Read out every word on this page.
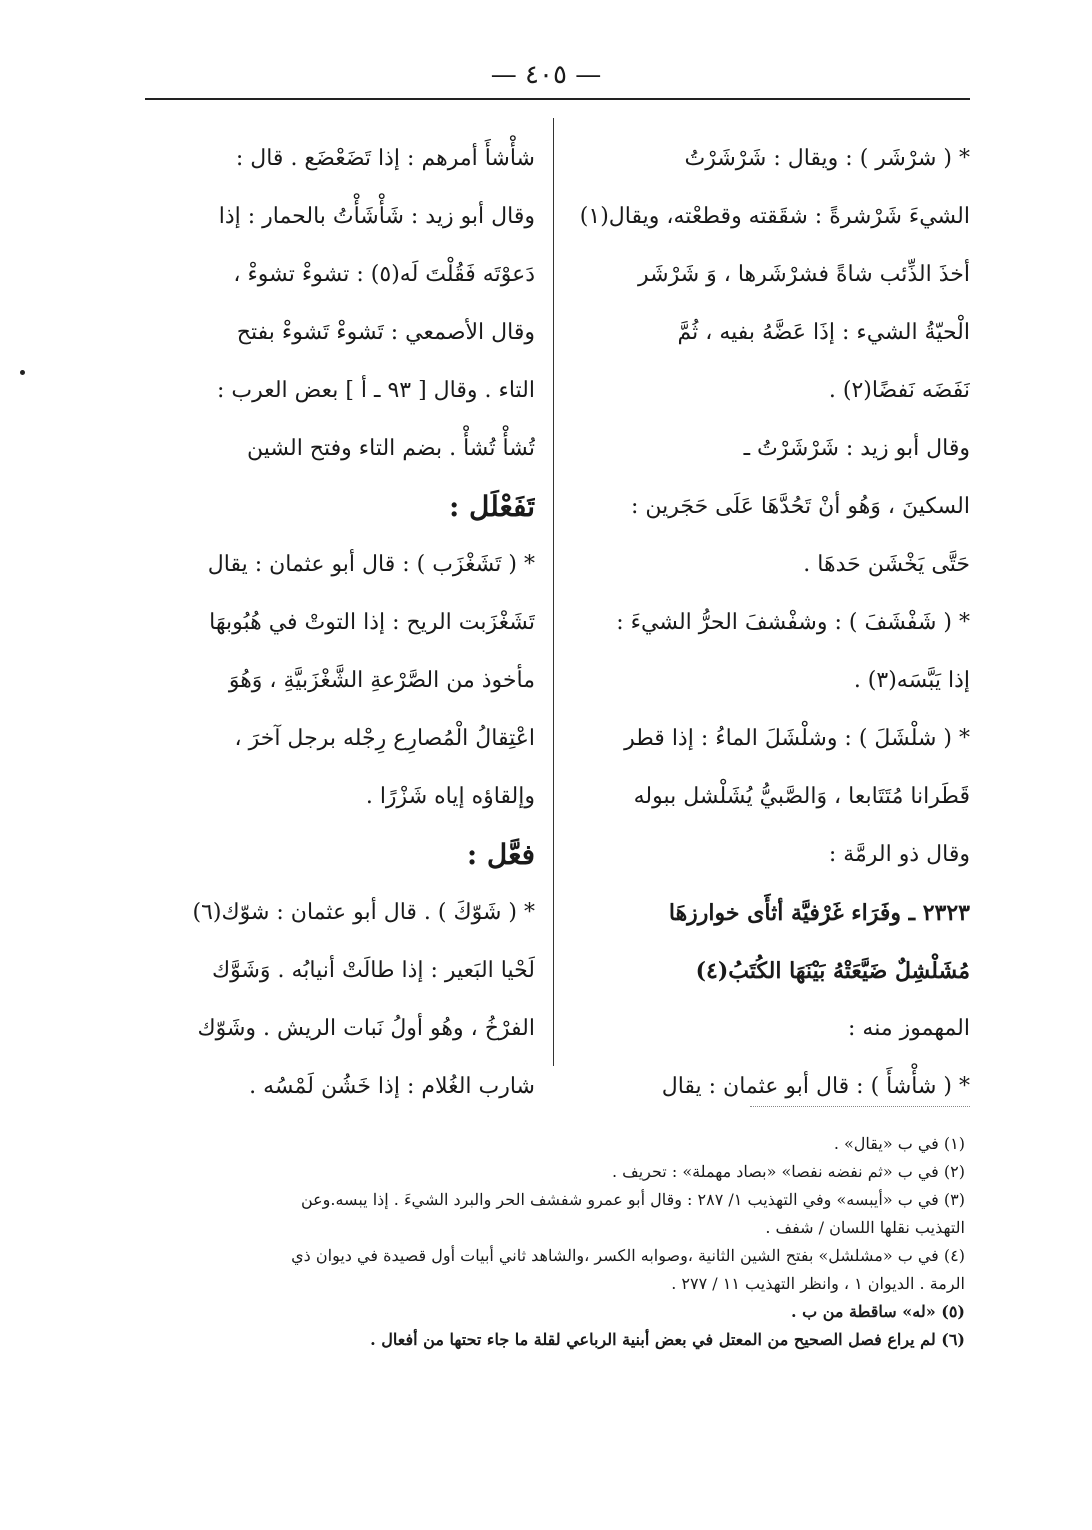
— ٤٠٥ —
* ( شرْشَر ) : ويقال : شَرْشَرْتُ
الشيءَ شَرْشرةً : شقَقته وقطعْته، ويقال(١)
أخذَ الذِّئب شاةً فشرْشَرها ، وَ شَرْشَر
الْحيّةُ الشيء : إذَا عَضَّهُ بفيه ، ثُمَّ
نَفَضَه نَفضًا(٢) .
وقال أبو زيد : شَرْشَرْتُ ـ
السكينَ ، وَهُو أنْ تَحُدَّهَا عَلَى حَجَرين :
حَتَّى يَخْشَن حَدهَا .
* ( شَفْشَفَ ) : وشفْشفَ الحرُّ الشيءَ :
إذا يَبَّسَه(٣) .
* ( شلْشَلَ ) : وشلْشَلَ الماءُ : إذا قطر
قَطَرانا مُتَتَابعا ، وَالصَّبيُّ يُشَلْشل ببوله
وقال ذو الرمَّة :
٢٣٢٣ ـ وفَرَاء غَرْفيَّة أثأَى خوارزهَا
مُشَلْشِلٌ ضَيَّعَتْهُ بَيْنَهَا الكُتَبُ(٤)
المهموز منه :
* ( شأْشأَ ) : قال أبو عثمان : يقال
شأْشأَ أمرهم : إذا تَضَعْضَع . قال :
وقال أبو زيد : شَأْشَأْتُ بالحمار : إذا
دَعوْتَه فَقُلْتَ لَه(٥) : تشوءْ تشوءْ ،
وقال الأصمعي : تَشوءْ تَشوءْ بفتح
التاء . وقال [ ٩٣ ـ أ ] بعض العرب :
تُشأْ تُشأْ . بضم التاء وفتح الشين
تَفَعْلَل :
* ( تَشَغْزَب ) : قال أبو عثمان : يقال
تَشَغْزَبت الريح : إذا التوتْ في هُبُوبهَا
مأخوذ من الصَّرْعةِ الشَّغْزَبيَّةِ ، وَهُوَ
اعْتِقالُ الْمُصارِع رِجْله برجل آخرَ ،
وإلقاؤه إياه شَزْرًا .
فعَّل :
* ( شَوّكَ ) . قال أبو عثمان : شوّك(٦)
لَحْيا البَعير : إذا طالَتْ أنيابُه . وَشَوَّك
الفرْخُ ، وهُو أولُ نَبات الريش . وشَوّك
شارب الغُلام : إذا خَشُن لَمْسُه .
(١) في ب «يقال» .
(٢) في ب «ثم نفضه نفصا» «بصاد مهملة» : تحريف .
(٣) في ب «أيبسه» وفي التهذيب ١/ ٢٨٧ : وقال أبو عمرو شفشف الحر والبرد الشيءَ . إذا يبسه.وعن
التهذيب نقلها اللسان / شفف .
(٤) في ب «مشلشل» بفتح الشين الثانية ،وصوابه الكسر ،والشاهد ثاني أبيات أول قصيدة في ديوان ذي
الرمة . الديوان ١ ، وانظر التهذيب ١١ / ٢٧٧ .
(٥) «له» ساقطة من ب .
(٦) لم يراع فصل الصحيح من المعتل في بعض أبنية الرباعي لقلة ما جاء تحتها من أفعال .
